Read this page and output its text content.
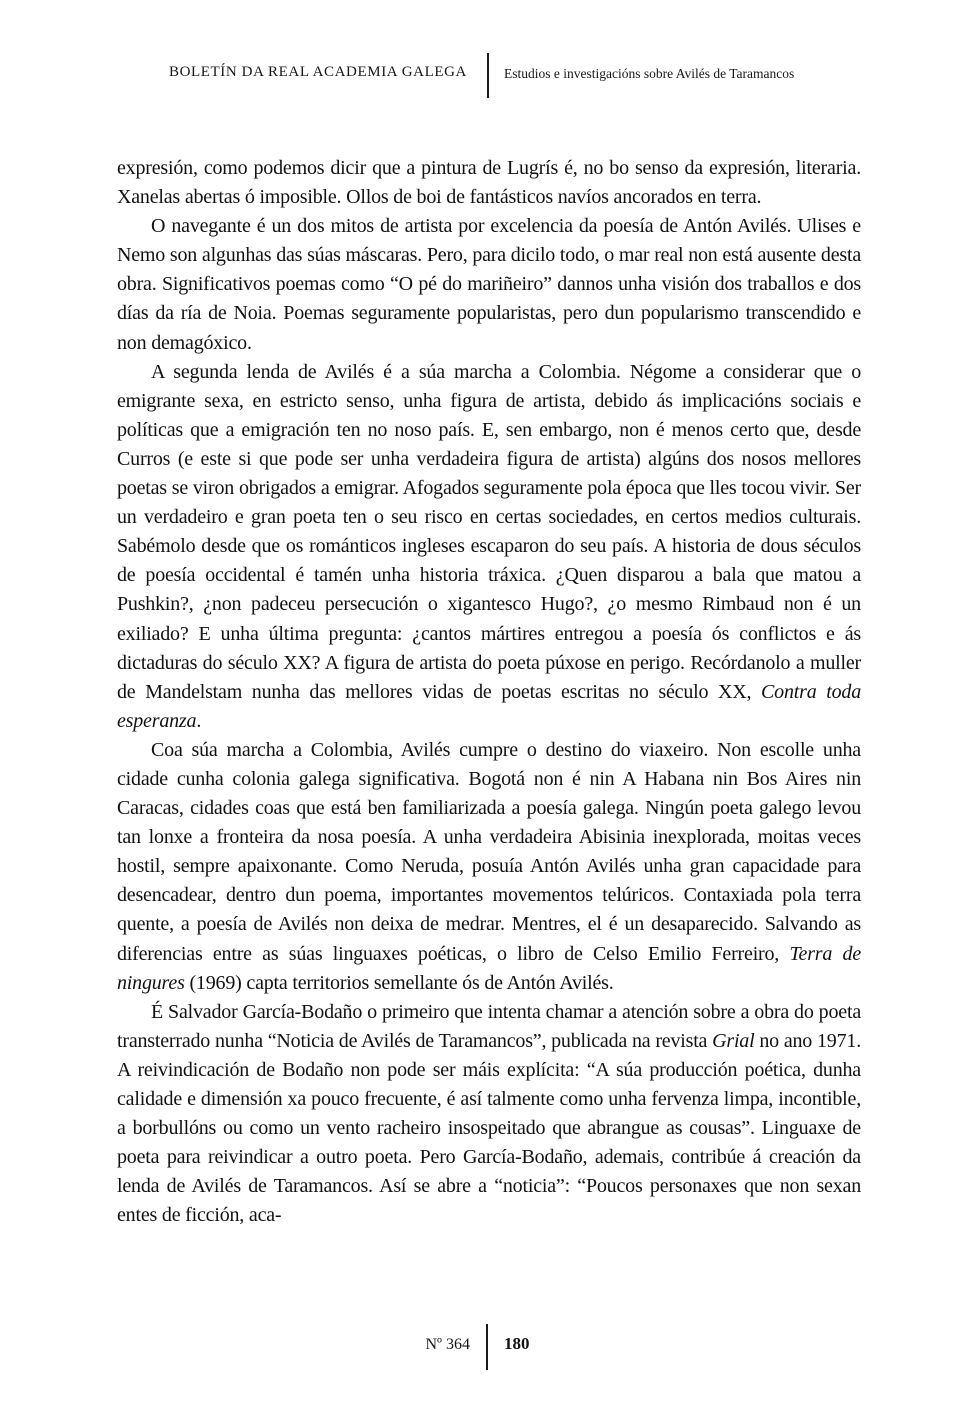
BOLETÍN DA REAL ACADEMIA GALEGA	Estudios e investigacións sobre Avilés de Taramancos

expresión, como podemos dicir que a pintura de Lugrís é, no bo senso da expresión, literaria. Xanelas abertas ó imposible. Ollos de boi de fantásticos navíos ancorados en terra.

O navegante é un dos mitos de artista por excelencia da poesía de Antón Avilés. Ulises e Nemo son algunhas das súas máscaras. Pero, para dicilo todo, o mar real non está ausente desta obra. Significativos poemas como “O pé do mariñeiro” dannos unha visión dos traballos e dos días da ría de Noia. Poemas seguramente popularistas, pero dun popularismo transcendido e non demagóxico.

A segunda lenda de Avilés é a súa marcha a Colombia. Négome a considerar que o emigrante sexa, en estricto senso, unha figura de artista, debido ás implicacións sociais e políticas que a emigración ten no noso país. E, sen embargo, non é menos certo que, desde Curros (e este si que pode ser unha verdadeira figura de artista) algúns dos nosos mellores poetas se viron obrigados a emigrar. Afogados seguramente pola época que lles tocou vivir. Ser un verdadeiro e gran poeta ten o seu risco en certas sociedades, en certos medios culturais. Sabémolo desde que os románticos ingleses escaparon do seu país. A historia de dous séculos de poesía occidental é tamén unha historia tráxica. ¿Quen disparou a bala que matou a Pushkin?, ¿non padeceu persecución o xigantesco Hugo?, ¿o mesmo Rimbaud non é un exiliado? E unha última pregunta: ¿cantos mártires entregou a poesía ós conflictos e ás dictaduras do século XX? A figura de artista do poeta púxose en perigo. Recórdanolo a muller de Mandelstam nunha das mellores vidas de poetas escritas no século XX, Contra toda esperanza.

Coa súa marcha a Colombia, Avilés cumpre o destino do viaxeiro. Non escolle unha cidade cunha colonia galega significativa. Bogotá non é nin A Habana nin Bos Aires nin Caracas, cidades coas que está ben familiarizada a poesía galega. Ningún poeta galego levou tan lonxe a fronteira da nosa poesía. A unha verdadeira Abisinia inexplorada, moitas veces hostil, sempre apaixonante. Como Neruda, posuía Antón Avilés unha gran capacidade para desencadear, dentro dun poema, importantes movementos telúricos. Contaxiada pola terra quente, a poesía de Avilés non deixa de medrar. Mentres, el é un desaparecido. Salvando as diferencias entre as súas linguaxes poéticas, o libro de Celso Emilio Ferreiro, Terra de ningures (1969) capta territorios semellante ós de Antón Avilés.

É Salvador García-Bodaño o primeiro que intenta chamar a atención sobre a obra do poeta transterrado nunha “Noticia de Avilés de Taramancos”, publicada na revista Grial no ano 1971. A reivindicación de Bodaño non pode ser máis explícita: “A súa producción poética, dunha calidade e dimensión xa pouco frecuente, é así talmente como unha fervenza limpa, incontible, a borbullóns ou como un vento racheiro insospeitado que abrangue as cousas”. Linguaxe de poeta para reivindicar a outro poeta. Pero García-Bodaño, ademais, contribúe á creación da lenda de Avilés de Taramancos. Así se abre a “noticia”: “Poucos personaxes que non sexan entes de ficción, aca-

Nº 364 180
